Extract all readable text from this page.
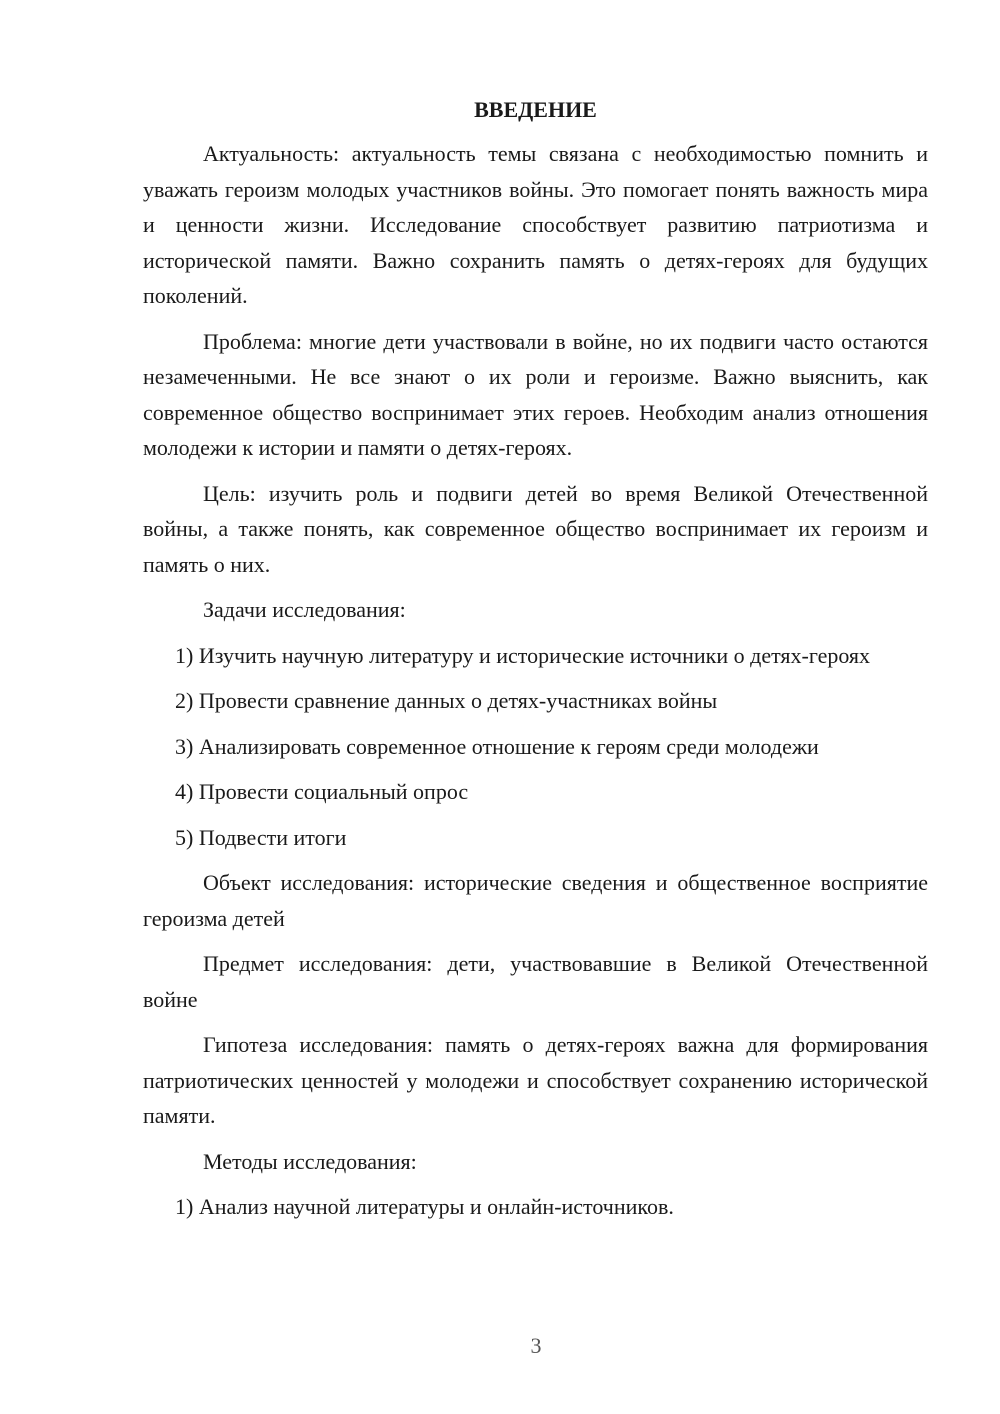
ВВЕДЕНИЕ

Актуальность: актуальность темы связана с необходимостью помнить и уважать героизм молодых участников войны. Это помогает понять важность мира и ценности жизни. Исследование способствует развитию патриотизма и исторической памяти. Важно сохранить память о детях-героях для будущих поколений.

Проблема: многие дети участвовали в войне, но их подвиги часто остаются незамеченными. Не все знают о их роли и героизме. Важно выяснить, как современное общество воспринимает этих героев. Необходим анализ отношения молодежи к истории и памяти о детях-героях.

Цель: изучить роль и подвиги детей во время Великой Отечественной войны, а также понять, как современное общество воспринимает их героизм и память о них.

Задачи исследования:

1) Изучить научную литературу и исторические источники о детях-героях

2) Провести сравнение данных о детях-участниках войны

3) Анализировать современное отношение к героям среди молодежи

4) Провести социальный опрос

5) Подвести итоги

Объект исследования: исторические сведения и общественное восприятие героизма детей

Предмет исследования: дети, участвовавшие в Великой Отечественной войне

Гипотеза исследования: память о детях-героях важна для формирования патриотических ценностей у молодежи и способствует сохранению исторической памяти.

Методы исследования:

1) Анализ научной литературы и онлайн-источников.

3
